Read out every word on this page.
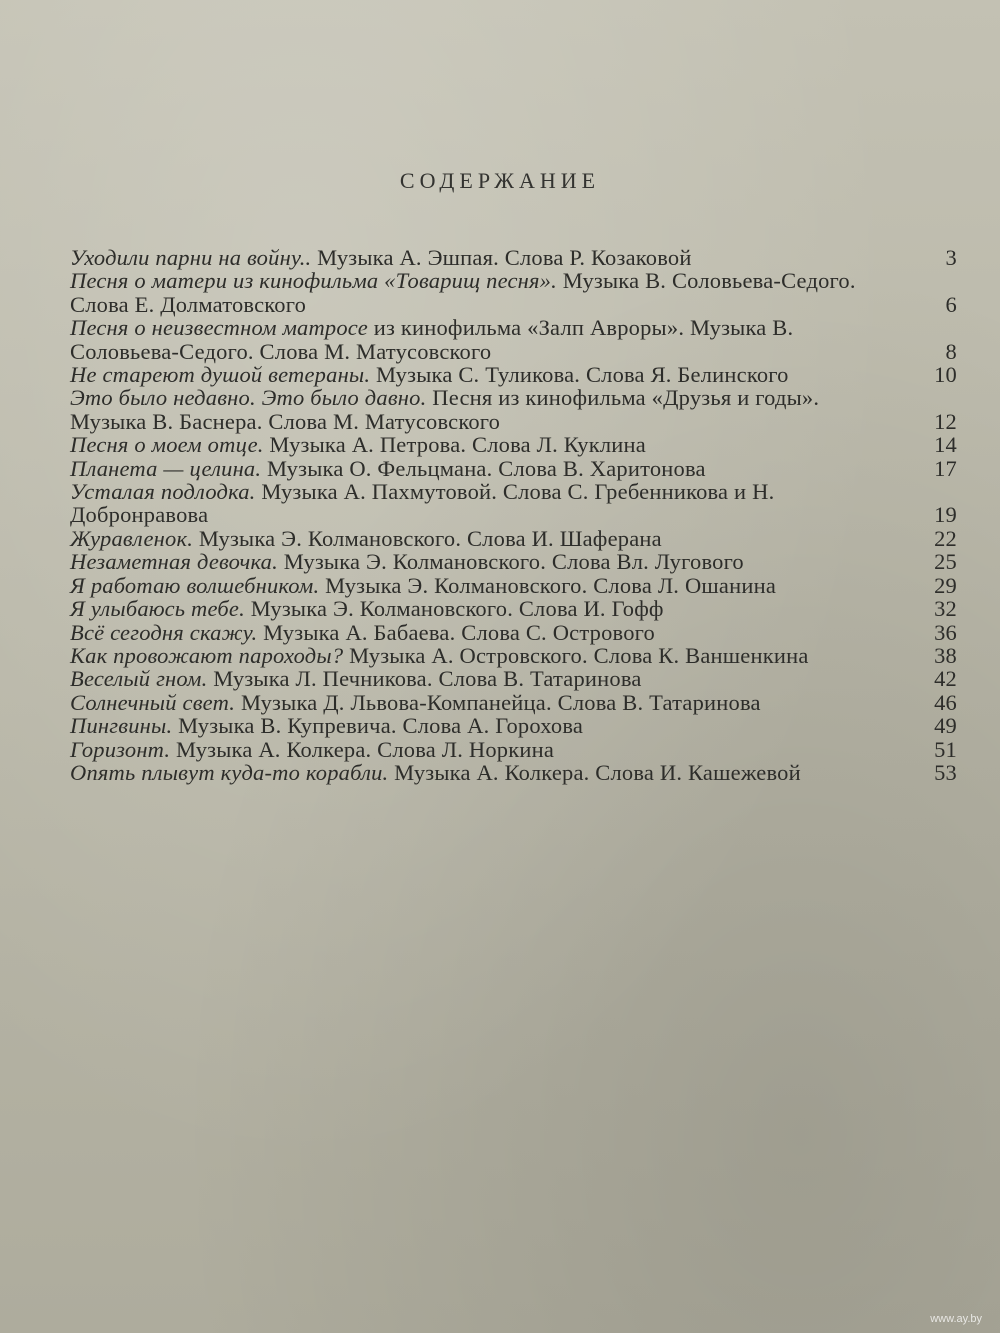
СОДЕРЖАНИЕ
Уходили парни на войну.. Музыка А. Эшпая. Слова Р. Козаковой	3
Песня о матери из кинофильма «Товарищ песня». Музыка В. Соловьева-Седого. Слова Е. Долматовского	6
Песня о неизвестном матросе из кинофильма «Залп Авроры». Музыка В. Соловьева-Седого. Слова М. Матусовского	8
Не стареют душой ветераны. Музыка С. Туликова. Слова Я. Белинского	10
Это было недавно. Это было давно. Песня из кинофильма «Друзья и годы». Музыка В. Баснера. Слова М. Матусовского	12
Песня о моем отце. Музыка А. Петрова. Слова Л. Куклина	14
Планета — целина. Музыка О. Фельцмана. Слова В. Харитонова	17
Усталая подлодка. Музыка А. Пахмутовой. Слова С. Гребенникова и Н. Добронравова	19
Журавленок. Музыка Э. Колмановского. Слова И. Шаферана	22
Незаметная девочка. Музыка Э. Колмановского. Слова Вл. Лугового	25
Я работаю волшебником. Музыка Э. Колмановского. Слова Л. Ошанина	29
Я улыбаюсь тебе. Музыка Э. Колмановского. Слова И. Гофф	32
Всё сегодня скажу. Музыка А. Бабаева. Слова С. Острового	36
Как провожают пароходы? Музыка А. Островского. Слова К. Ваншенкина	38
Веселый гном. Музыка Л. Печникова. Слова В. Татаринова	42
Солнечный свет. Музыка Д. Львова-Компанейца. Слова В. Татаринова	46
Пингвины. Музыка В. Купревича. Слова А. Горохова	49
Горизонт. Музыка А. Колкера. Слова Л. Норкина	51
Опять плывут куда-то корабли. Музыка А. Колкера. Слова И. Кашежевой	53
www.ay.by
